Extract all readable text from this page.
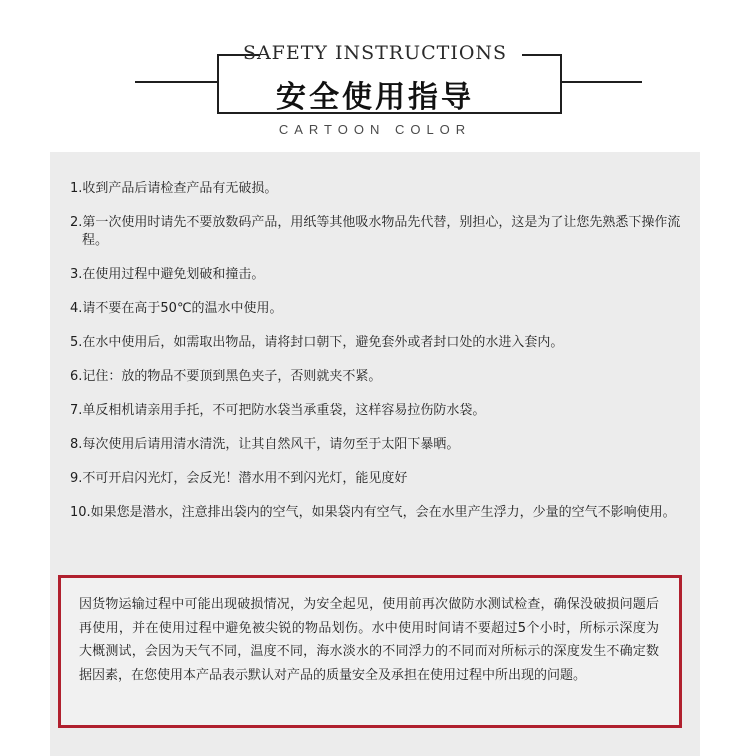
SAFETY INSTRUCTIONS
安全使用指导
CARTOON COLOR
1.收到产品后请检查产品有无破损。
2.第一次使用时请先不要放数码产品，用纸等其他吸水物品先代替，别担心，这是为了让您先熟悉下操作流程。
3.在使用过程中避免划破和撞击。
4.请不要在高于50℃的温水中使用。
5.在水中使用后，如需取出物品，请将封口朝下，避免套外或者封口处的水进入套内。
6.记住：放的物品不要顶到黑色夹子，否则就夹不紧。
7.单反相机请亲用手托，不可把防水袋当承重袋，这样容易拉伤防水袋。
8.每次使用后请用清水清洗，让其自然风干，请勿至于太阳下暴晒。
9.不可开启闪光灯，会反光！潜水用不到闪光灯，能见度好
10.如果您是潜水，注意排出袋内的空气，如果袋内有空气，会在水里产生浮力，少量的空气不影响使用。

因货物运输过程中可能出现破损情况，为安全起见，使用前再次做防水测试检查，确保没破损问题后再使用，并在使用过程中避免被尖锐的物品划伤。水中使用时间请不要超过5个小时，所标示深度为大概测试，会因为天气不同，温度不同，海水淡水的不同浮力的不同而对所标示的深度发生不确定数据因素，在您使用本产品表示默认对产品的质量安全及承担在使用过程中所出现的问题。
